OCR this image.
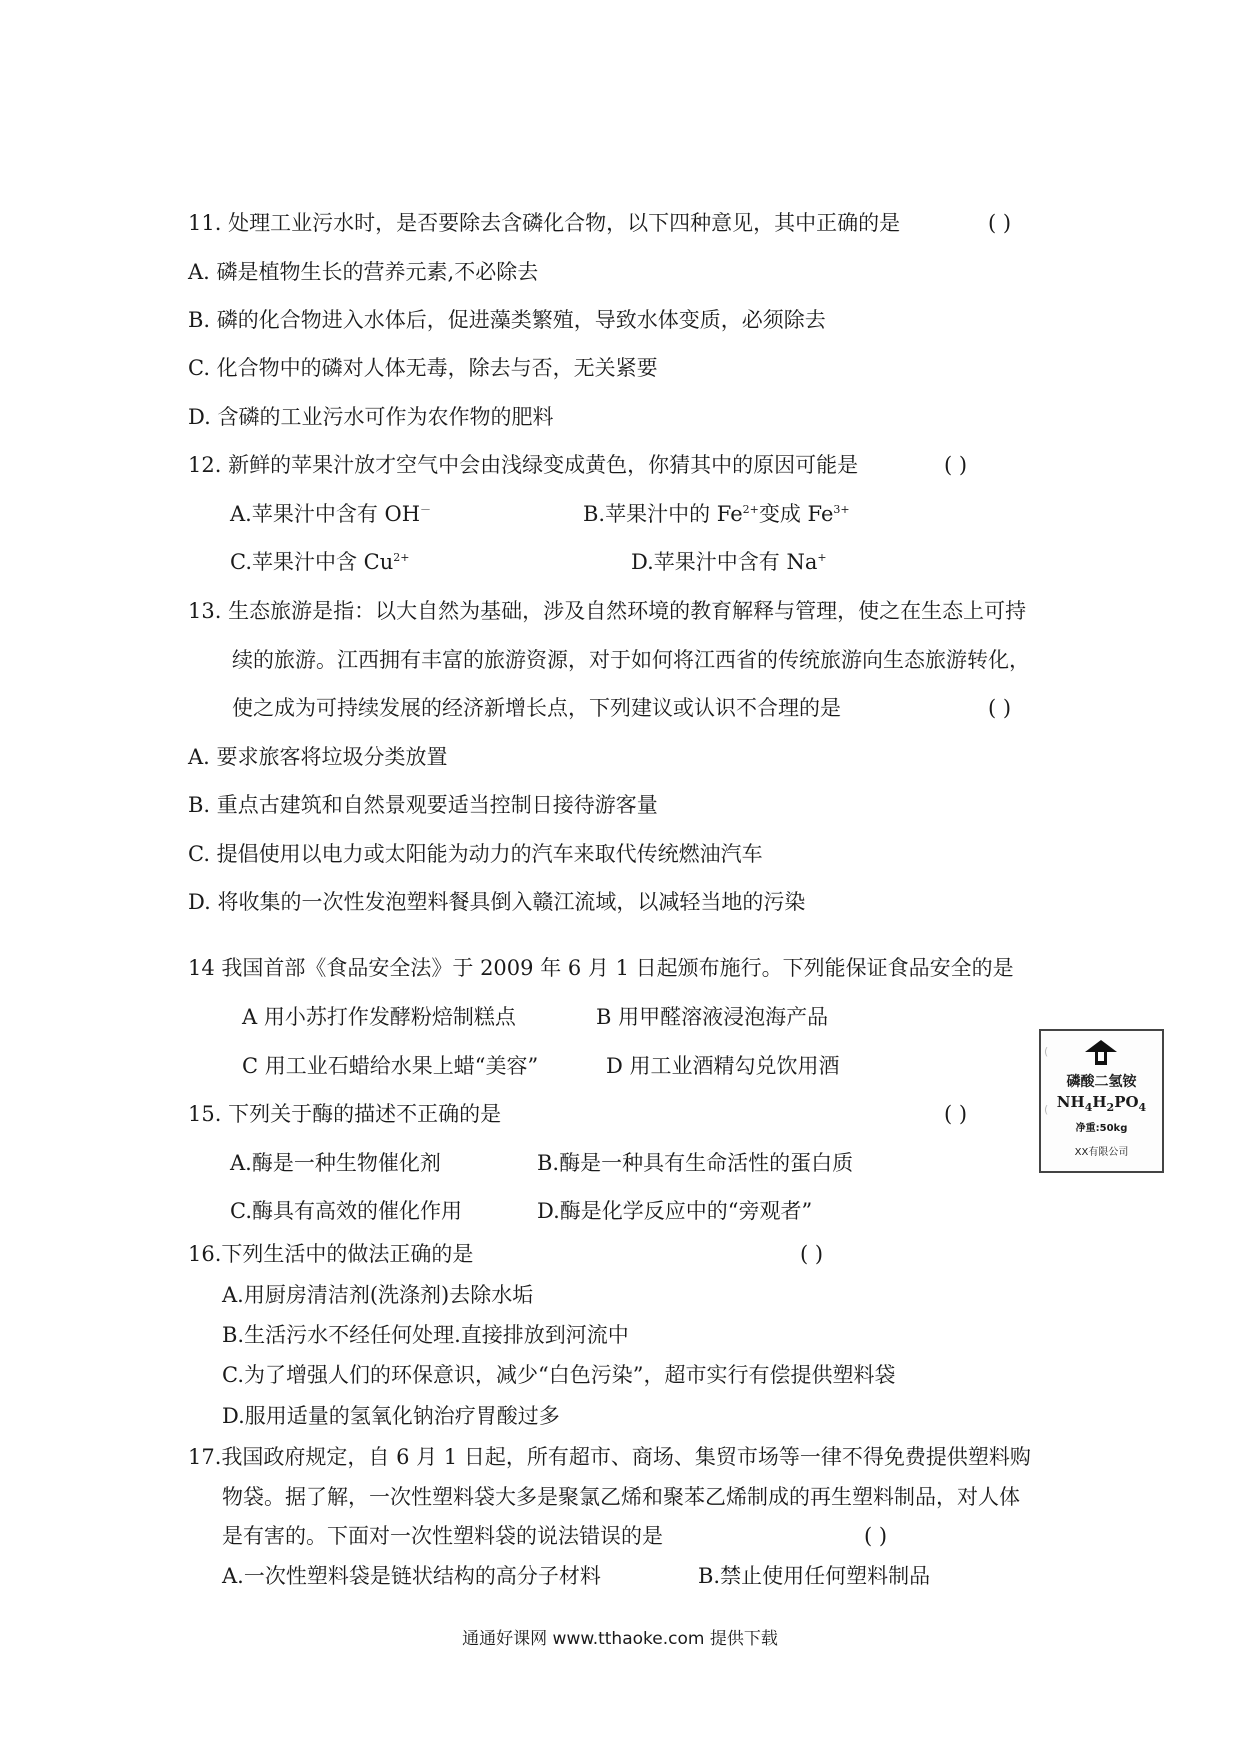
11. 处理工业污水时，是否要除去含磷化合物，以下四种意见，其中正确的是	( )
A. 磷是植物生长的营养元素,不必除去
B. 磷的化合物进入水体后，促进藻类繁殖，导致水体变质，必须除去
C. 化合物中的磷对人体无毒，除去与否，无关紧要
D. 含磷的工业污水可作为农作物的肥料
12. 新鲜的苹果汁放才空气中会由浅绿变成黄色，你猜其中的原因可能是	( )
A.苹果汁中含有 OH－	B.苹果汁中的 $Fe^{2+}$变成 $Fe^{3+}$
C.苹果汁中含 $Cu^{2+}$	D.苹果汁中含有 Na+
13. 生态旅游是指：以大自然为基础，涉及自然环境的教育解释与管理，使之在生态上可持
续的旅游。江西拥有丰富的旅游资源，对于如何将江西省的传统旅游向生态旅游转化，
使之成为可持续发展的经济新增长点，下列建议或认识不合理的是	( )
A. 要求旅客将垃圾分类放置
B. 重点古建筑和自然景观要适当控制日接待游客量
C. 提倡使用以电力或太阳能为动力的汽车来取代传统燃油汽车
D. 将收集的一次性发泡塑料餐具倒入赣江流域，以减轻当地的污染
14 我国首部《食品安全法》于 2009 年 6 月 1 日起颁布施行。下列能保证食品安全的是
A 用小苏打作发酵粉焙制糕点	B 用甲醛溶液浸泡海产品
C 用工业石蜡给水果上蜡“美容”	D 用工业酒精勾兑饮用酒
15. 下列关于酶的描述不正确的是	( )
A.酶是一种生物催化剂	B.酶是一种具有生命活性的蛋白质
C.酶具有高效的催化作用	D.酶是化学反应中的“旁观者”
16.下列生活中的做法正确的是	( )
A.用厨房清洁剂(洗涤剂)去除水垢
B.生活污水不经任何处理.直接排放到河流中
C.为了增强人们的环保意识，减少“白色污染”，超市实行有偿提供塑料袋
D.服用适量的氢氧化钠治疗胃酸过多
17.我国政府规定，自 6 月 1 日起，所有超市、商场、集贸市场等一律不得免费提供塑料购
物袋。据了解，一次性塑料袋大多是聚氯乙烯和聚苯乙烯制成的再生塑料制品，对人体
是有害的。下面对一次性塑料袋的说法错误的是	( )
A.一次性塑料袋是链状结构的高分子材料	B.禁止使用任何塑料制品
(
(
磷酸二氢铵
$NH_4H_2PO_4$
净重:50kg
XX有限公司
通通好课网 www.tthaoke.com 提供下载
